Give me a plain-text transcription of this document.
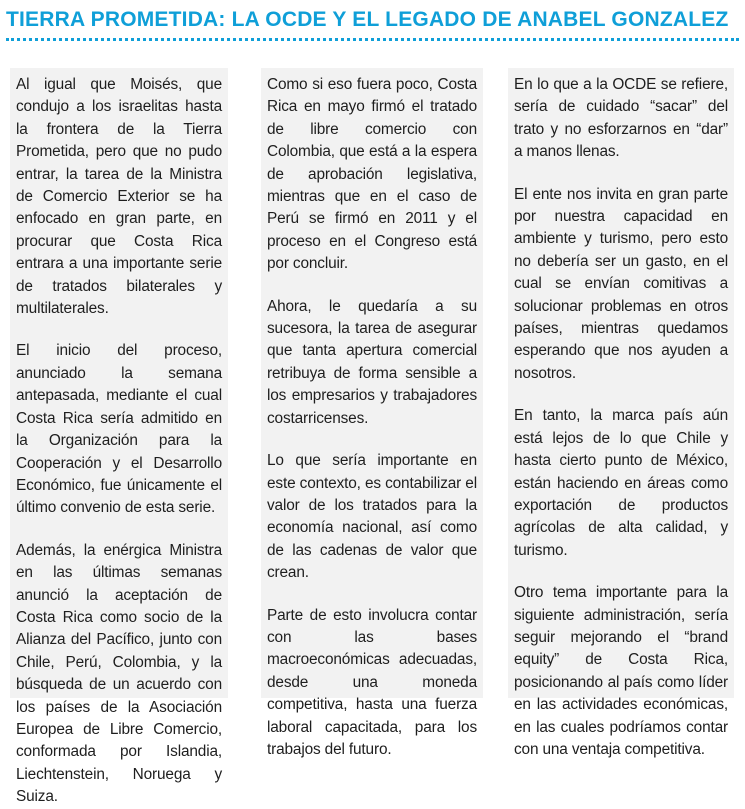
TIERRA PROMETIDA: LA OCDE Y EL LEGADO DE ANABEL GONZALEZ

Al igual que Moisés, que condujo a los israelitas hasta la frontera de la Tierra Prometida, pero que no pudo entrar, la tarea de la Ministra de Comercio Exterior se ha enfocado en gran parte, en procurar que Costa Rica entrara a una importante serie de tratados bilaterales y multilaterales.

El inicio del proceso, anunciado la semana antepasada, mediante el cual Costa Rica sería admitido en la Organización para la Cooperación y el Desarrollo Económico, fue únicamente el último convenio de esta serie.

Además, la enérgica Ministra en las últimas semanas anunció la aceptación de Costa Rica como socio de la Alianza del Pacífico, junto con Chile, Perú, Colombia, y la búsqueda de un acuerdo con los países de la Asociación Europea de Libre Comercio, conformada por Islandia, Liechtenstein, Noruega y Suiza.

Como si eso fuera poco, Costa Rica en mayo firmó el tratado de libre comercio con Colombia, que está a la espera de aprobación legislativa, mientras que en el caso de Perú se firmó en 2011 y el proceso en el Congreso está por concluir.

Ahora, le quedaría a su sucesora, la tarea de asegurar que tanta apertura comercial retribuya de forma sensible a los empresarios y trabajadores costarricenses.

Lo que sería importante en este contexto, es contabilizar el valor de los tratados para la economía nacional, así como de las cadenas de valor que crean.

Parte de esto involucra contar con las bases macroeconómicas adecuadas, desde una moneda competitiva, hasta una fuerza laboral capacitada, para los trabajos del futuro.

En lo que a la OCDE se refiere, sería de cuidado “sacar” del trato y no esforzarnos en “dar” a manos llenas.

El ente nos invita en gran parte por nuestra capacidad en ambiente y turismo, pero esto no debería ser un gasto, en el cual se envían comitivas a solucionar problemas en otros países, mientras quedamos esperando que nos ayuden a nosotros.

En tanto, la marca país aún está lejos de lo que Chile y hasta cierto punto de México, están haciendo en áreas como exportación de productos agrícolas de alta calidad, y turismo.

Otro tema importante para la siguiente administración, sería seguir mejorando el “brand equity” de Costa Rica, posicionando al país como líder en las actividades económicas, en las cuales podríamos contar con una ventaja competitiva.
